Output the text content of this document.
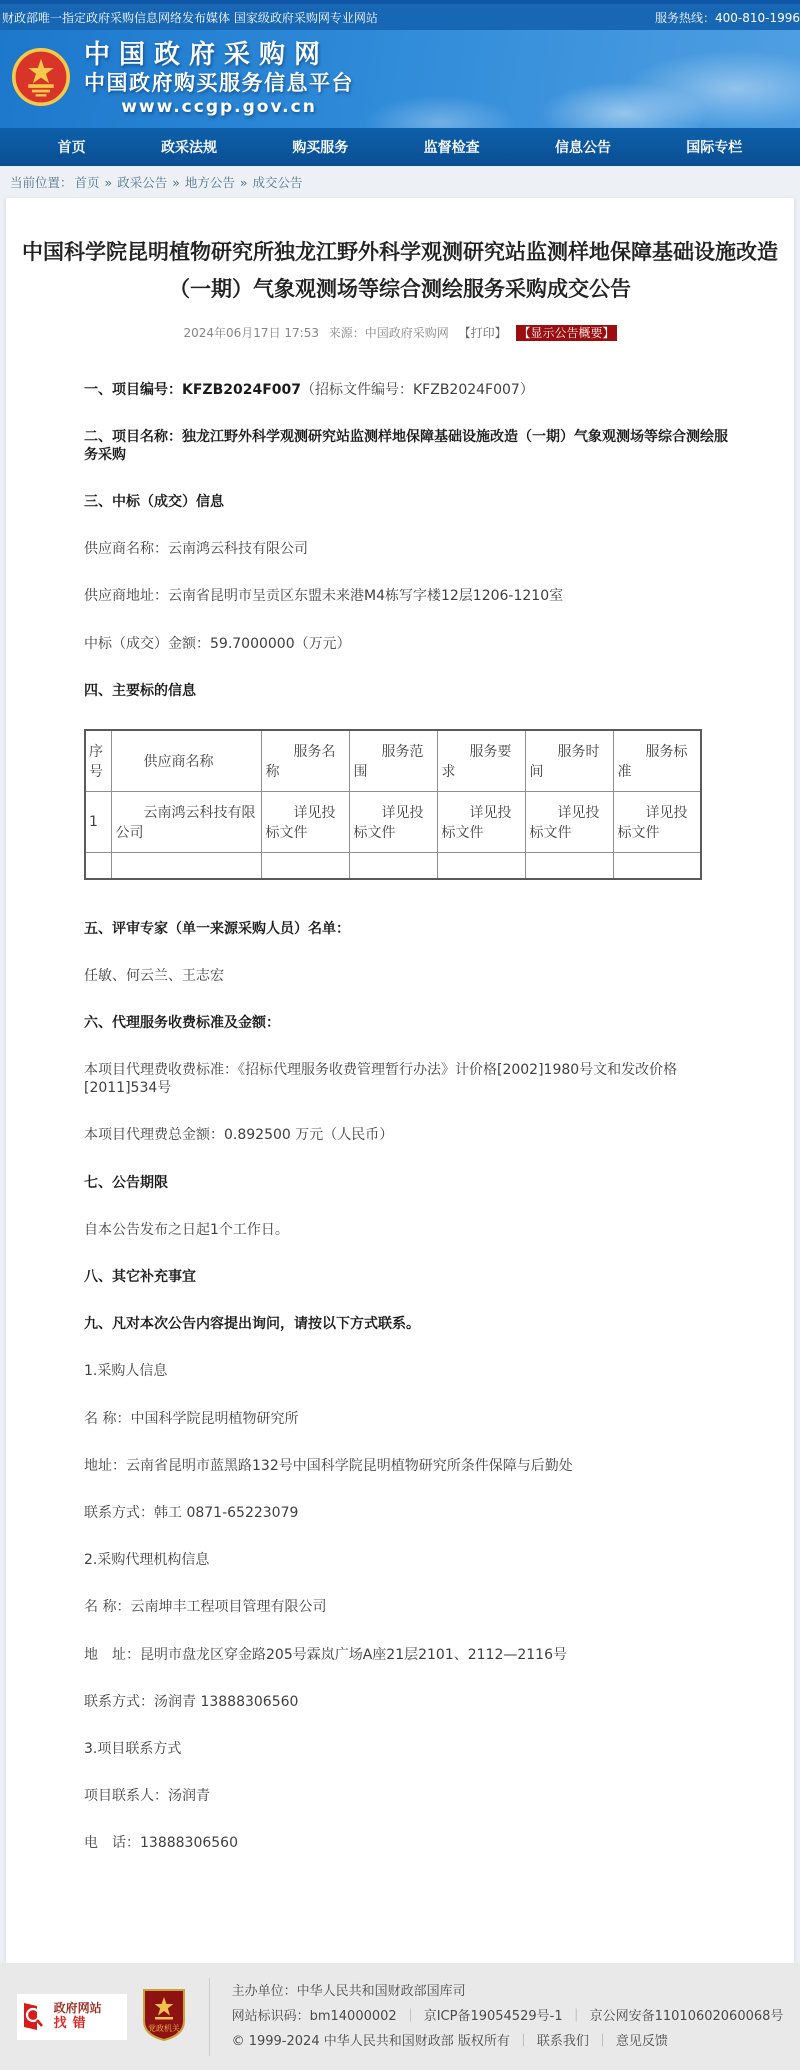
财政部唯一指定政府采购信息网络发布媒体 国家级政府采购网专业网站	服务热线：400-810-1996
中国政府采购网
中国政府购买服务信息平台
www.ccgp.gov.cn
首页	政采法规	购买服务	监督检查	信息公告	国际专栏
当前位置： 首页 » 政采公告 » 地方公告 » 成交公告
中国科学院昆明植物研究所独龙江野外科学观测研究站监测样地保障基础设施改造（一期）气象观测场等综合测绘服务采购成交公告
2024年06月17日 17:53 来源：中国政府采购网 【打印】 【显示公告概要】
一、项目编号：KFZB2024F007（招标文件编号：KFZB2024F007）
二、项目名称：独龙江野外科学观测研究站监测样地保障基础设施改造（一期）气象观测场等综合测绘服务采购
三、中标（成交）信息
供应商名称：云南鸿云科技有限公司
供应商地址：云南省昆明市呈贡区东盟未来港M4栋写字楼12层1206-1210室
中标（成交）金额：59.7000000（万元）
四、主要标的信息
序号	供应商名称	服务名称	服务范围	服务要求	服务时间	服务标准
1	云南鸿云科技有限公司	详见投标文件	详见投标文件	详见投标文件	详见投标文件	详见投标文件

五、评审专家（单一来源采购人员）名单：
任敏、何云兰、王志宏
六、代理服务收费标准及金额：
本项目代理费收费标准：《招标代理服务收费管理暂行办法》计价格[2002]1980号文和发改价格[2011]534号
本项目代理费总金额：0.892500 万元（人民币）
七、公告期限
自本公告发布之日起1个工作日。
八、其它补充事宜
九、凡对本次公告内容提出询问，请按以下方式联系。
1.采购人信息
名 称：中国科学院昆明植物研究所
地址：云南省昆明市蓝黑路132号中国科学院昆明植物研究所条件保障与后勤处
联系方式：韩工 0871-65223079
2.采购代理机构信息
名 称：云南坤丰工程项目管理有限公司
地　址：昆明市盘龙区穿金路205号霖岚广场A座21层2101、2112—2116号
联系方式：汤润青 13888306560
3.项目联系方式
项目联系人：汤润青
电　话：13888306560
政府网站
找错	党政机关
主办单位：中华人民共和国财政部国库司
网站标识码：bm14000002 ｜ 京ICP备19054529号-1 ｜ 京公网安备11010602060068号
© 1999-2024 中华人民共和国财政部 版权所有 ｜ 联系我们 ｜ 意见反馈
